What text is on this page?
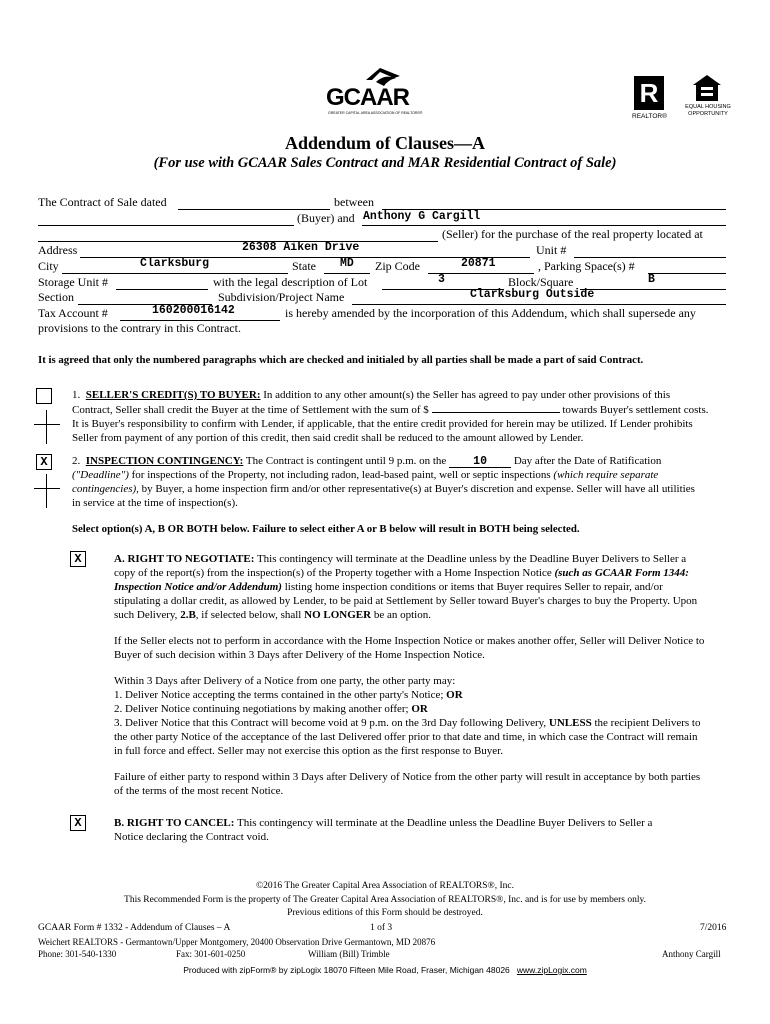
GCAAR
GREATER CAPITAL AREA ASSOCIATION OF REALTORS®
R
REALTOR®
EQUAL HOUSING OPPORTUNITY
Addendum of Clauses—A
(For use with GCAAR Sales Contract and MAR Residential Contract of Sale)
The Contract of Sale dated	between
(Buyer) and Anthony G Cargill
(Seller) for the purchase of the real property located at
Address	26308 Aiken Drive	Unit #
City	Clarksburg	State MD Zip Code	20871	, Parking Space(s) #
Storage Unit #	with the legal description of Lot	3	Block/Square	B
Section	Subdivision/Project Name	Clarksburg Outside
Tax Account #	160200016142	is hereby amended by the incorporation of this Addendum, which shall supersede any
provisions to the contrary in this Contract.
It is agreed that only the numbered paragraphs which are checked and initialed by all parties shall be made a part of said Contract.
1. SELLER'S CREDIT(S) TO BUYER: In addition to any other amount(s) the Seller has agreed to pay under other provisions of this
Contract, Seller shall credit the Buyer at the time of Settlement with the sum of $	towards Buyer's settlement costs.
It is Buyer's responsibility to confirm with Lender, if applicable, that the entire credit provided for herein may be utilized. If Lender prohibits
Seller from payment of any portion of this credit, then said credit shall be reduced to the amount allowed by Lender.
X	2. INSPECTION CONTINGENCY: The Contract is contingent until 9 p.m. on the 10 Day after the Date of Ratification
("Deadline") for inspections of the Property, not including radon, lead-based paint, well or septic inspections (which require separate
contingencies), by Buyer, a home inspection firm and/or other representative(s) at Buyer's discretion and expense. Seller will have all utilities
in service at the time of inspection(s).
Select option(s) A, B OR BOTH below. Failure to select either A or B below will result in BOTH being selected.
X	A. RIGHT TO NEGOTIATE: This contingency will terminate at the Deadline unless by the Deadline Buyer Delivers to Seller a
copy of the report(s) from the inspection(s) of the Property together with a Home Inspection Notice (such as GCAAR Form 1344:
Inspection Notice and/or Addendum) listing home inspection conditions or items that Buyer requires Seller to repair, and/or
stipulating a dollar credit, as allowed by Lender, to be paid at Settlement by Seller toward Buyer's charges to buy the Property. Upon
such Delivery, 2.B, if selected below, shall NO LONGER be an option.
If the Seller elects not to perform in accordance with the Home Inspection Notice or makes another offer, Seller will Deliver Notice to
Buyer of such decision within 3 Days after Delivery of the Home Inspection Notice.
Within 3 Days after Delivery of a Notice from one party, the other party may:
1. Deliver Notice accepting the terms contained in the other party's Notice; OR
2. Deliver Notice continuing negotiations by making another offer; OR
3. Deliver Notice that this Contract will become void at 9 p.m. on the 3rd Day following Delivery, UNLESS the recipient Delivers to
the other party Notice of the acceptance of the last Delivered offer prior to that date and time, in which case the Contract will remain
in full force and effect. Seller may not exercise this option as the first response to Buyer.
Failure of either party to respond within 3 Days after Delivery of Notice from the other party will result in acceptance by both parties
of the terms of the most recent Notice.
X	B. RIGHT TO CANCEL: This contingency will terminate at the Deadline unless the Deadline Buyer Delivers to Seller a
Notice declaring the Contract void.
©2016 The Greater Capital Area Association of REALTORS®, Inc.
This Recommended Form is the property of The Greater Capital Area Association of REALTORS®, Inc. and is for use by members only.
Previous editions of this Form should be destroyed.
GCAAR Form # 1332 - Addendum of Clauses – A	1 of 3	7/2016
Weichert REALTORS - Germantown/Upper Montgomery, 20400 Observation Drive Germantown, MD 20876
Phone: 301-540-1330	Fax: 301-601-0250	William (Bill) Trimble	Anthony Cargill
Produced with zipForm® by zipLogix 18070 Fifteen Mile Road, Fraser, Michigan 48026 www.zipLogix.com
